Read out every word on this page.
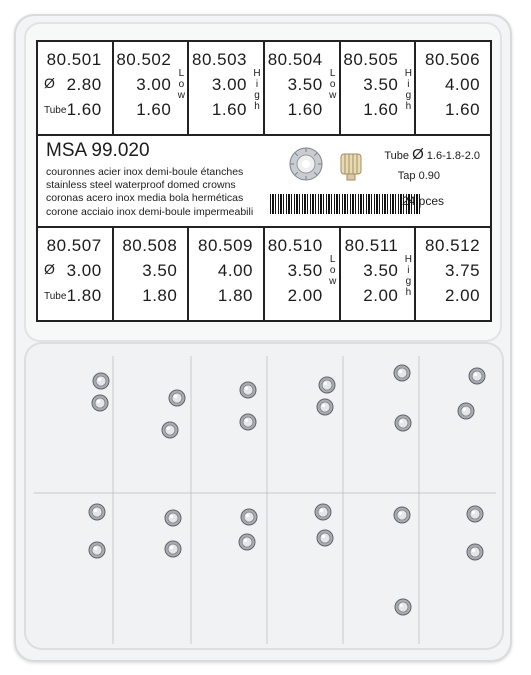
80.501
2.80
1.60
Ø
Tube
80.502
3.00
1.60
L
o
w
80.503
3.00
1.60
H
i
g
h
80.504
3.50
1.60
L
o
w
80.505
3.50
1.60
H
i
g
h
80.506
4.00
1.60
MSA 99.020
couronnes acier inox demi-boule étanches
stainless steel waterproof domed crowns
coronas acero inox media bola herméticas
corone acciaio inox demi-boule impermeabili
Tube Ø 1.6-1.8-2.0
Tap 0.90
24 pces
80.507
3.00
1.80
Ø
Tube
80.508
3.50
1.80
80.509
4.00
1.80
80.510
3.50
2.00
L
o
w
80.511
3.50
2.00
H
i
g
h
80.512
3.75
2.00
